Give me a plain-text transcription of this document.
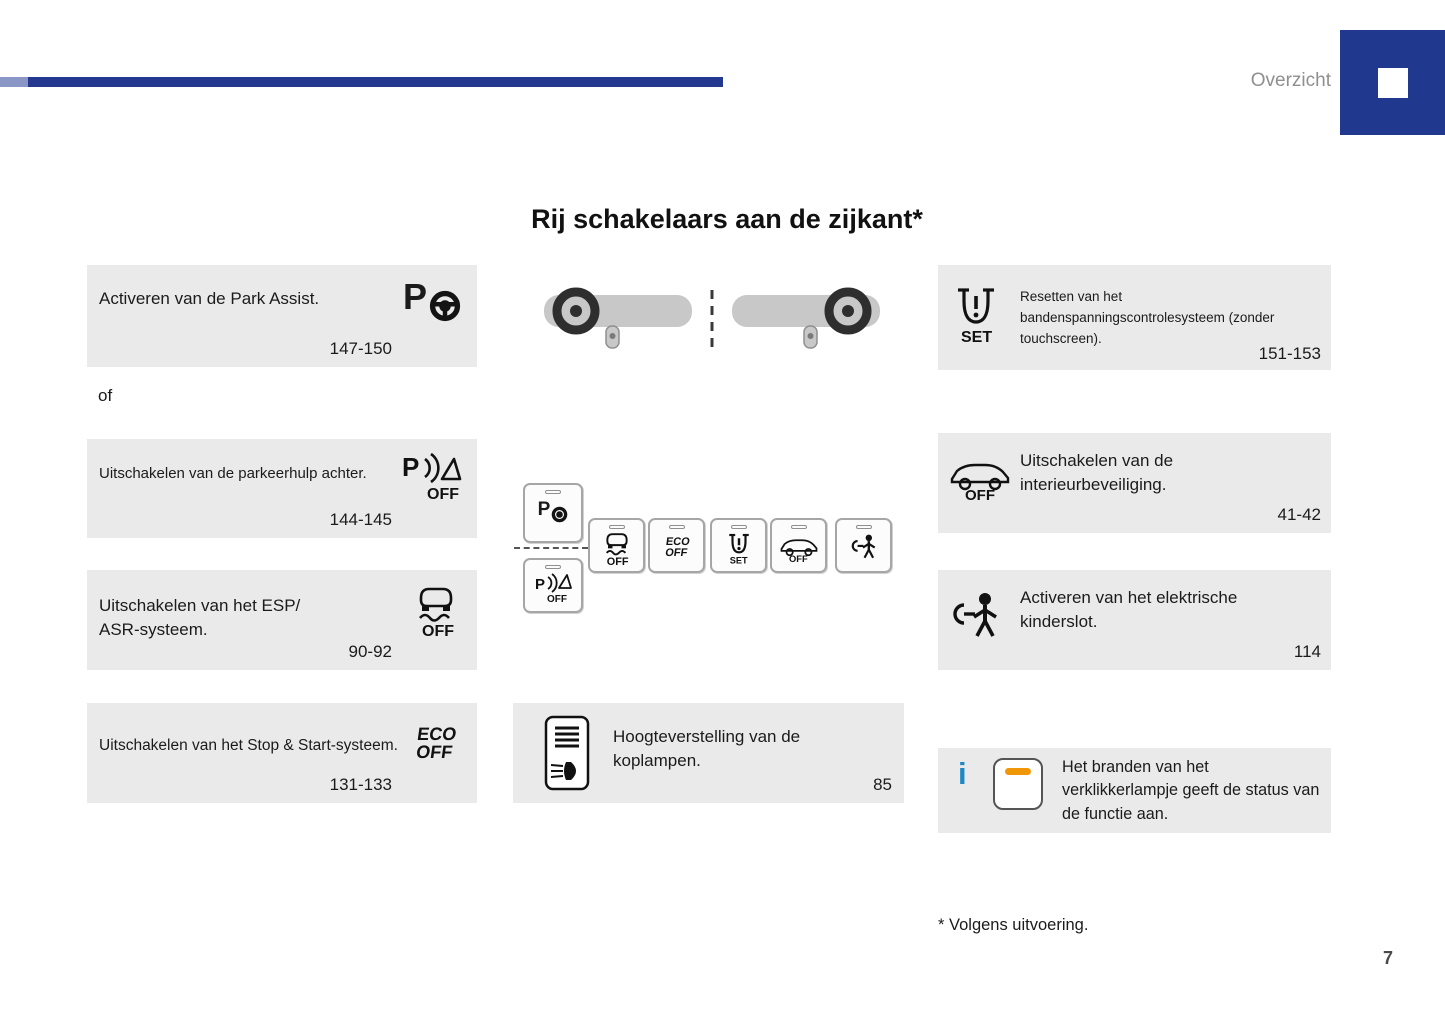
Overzicht
Rij schakelaars aan de zijkant*
Activeren van de Park Assist.	P
147-150
of
Uitschakelen van de parkeerhulp achter.	P
OFF
144-145
Uitschakelen van het ESP/ ASR-systeem.	OFF
90-92
Uitschakelen van het Stop & Start-systeem.
ECO
OFF
131-133
P
P
OFF
OFF
ECO
OFF
SET	OFF
Hoogteverstelling van de koplampen.
85
SET
Resetten van het bandenspanningscontrolesysteem (zonder touchscreen).
151-153
OFF
Uitschakelen van de interieurbeveiliging.
41-42
Activeren van het elektrische kinderslot.
114
i	Het branden van het verklikkerlampje geeft de status van de functie aan.
* Volgens uitvoering.
7
